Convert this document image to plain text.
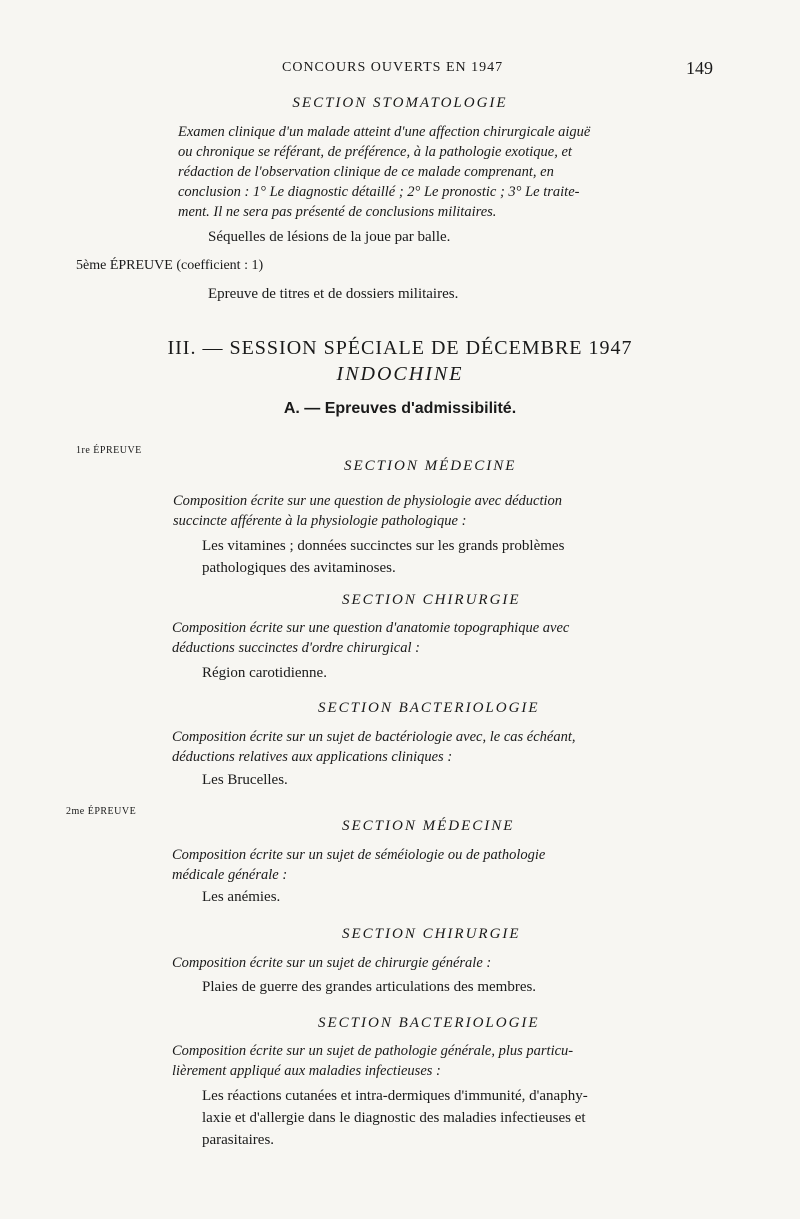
CONCOURS OUVERTS EN 1947	149
SECTION STOMATOLOGIE
Examen clinique d'un malade atteint d'une affection chirurgicale aiguë
ou chronique se référant, de préférence, à la pathologie exotique, et
rédaction de l'observation clinique de ce malade comprenant, en
conclusion : 1° Le diagnostic détaillé ; 2° Le pronostic ; 3° Le traite-
ment. Il ne sera pas présenté de conclusions militaires.
Séquelles de lésions de la joue par balle.
5ème ÉPREUVE (coefficient : 1)
Epreuve de titres et de dossiers militaires.
III. — SESSION SPÉCIALE DE DÉCEMBRE 1947
INDOCHINE
A. — Epreuves d'admissibilité.
1re ÉPREUVE
SECTION MÉDECINE
Composition écrite sur une question de physiologie avec déduction
succincte afférente à la physiologie pathologique :
Les vitamines ; données succinctes sur les grands problèmes
pathologiques des avitaminoses.
SECTION CHIRURGIE
Composition écrite sur une question d'anatomie topographique avec
déductions succinctes d'ordre chirurgical :
Région carotidienne.
SECTION BACTERIOLOGIE
Composition écrite sur un sujet de bactériologie avec, le cas échéant,
déductions relatives aux applications cliniques :
Les Brucelles.
2me ÉPREUVE
SECTION MÉDECINE
Composition écrite sur un sujet de séméiologie ou de pathologie
médicale générale :
Les anémies.
SECTION CHIRURGIE
Composition écrite sur un sujet de chirurgie générale :
Plaies de guerre des grandes articulations des membres.
SECTION BACTERIOLOGIE
Composition écrite sur un sujet de pathologie générale, plus particu-
lièrement appliqué aux maladies infectieuses :
Les réactions cutanées et intra-dermiques d'immunité, d'anaphy-
laxie et d'allergie dans le diagnostic des maladies infectieuses et
parasitaires.
